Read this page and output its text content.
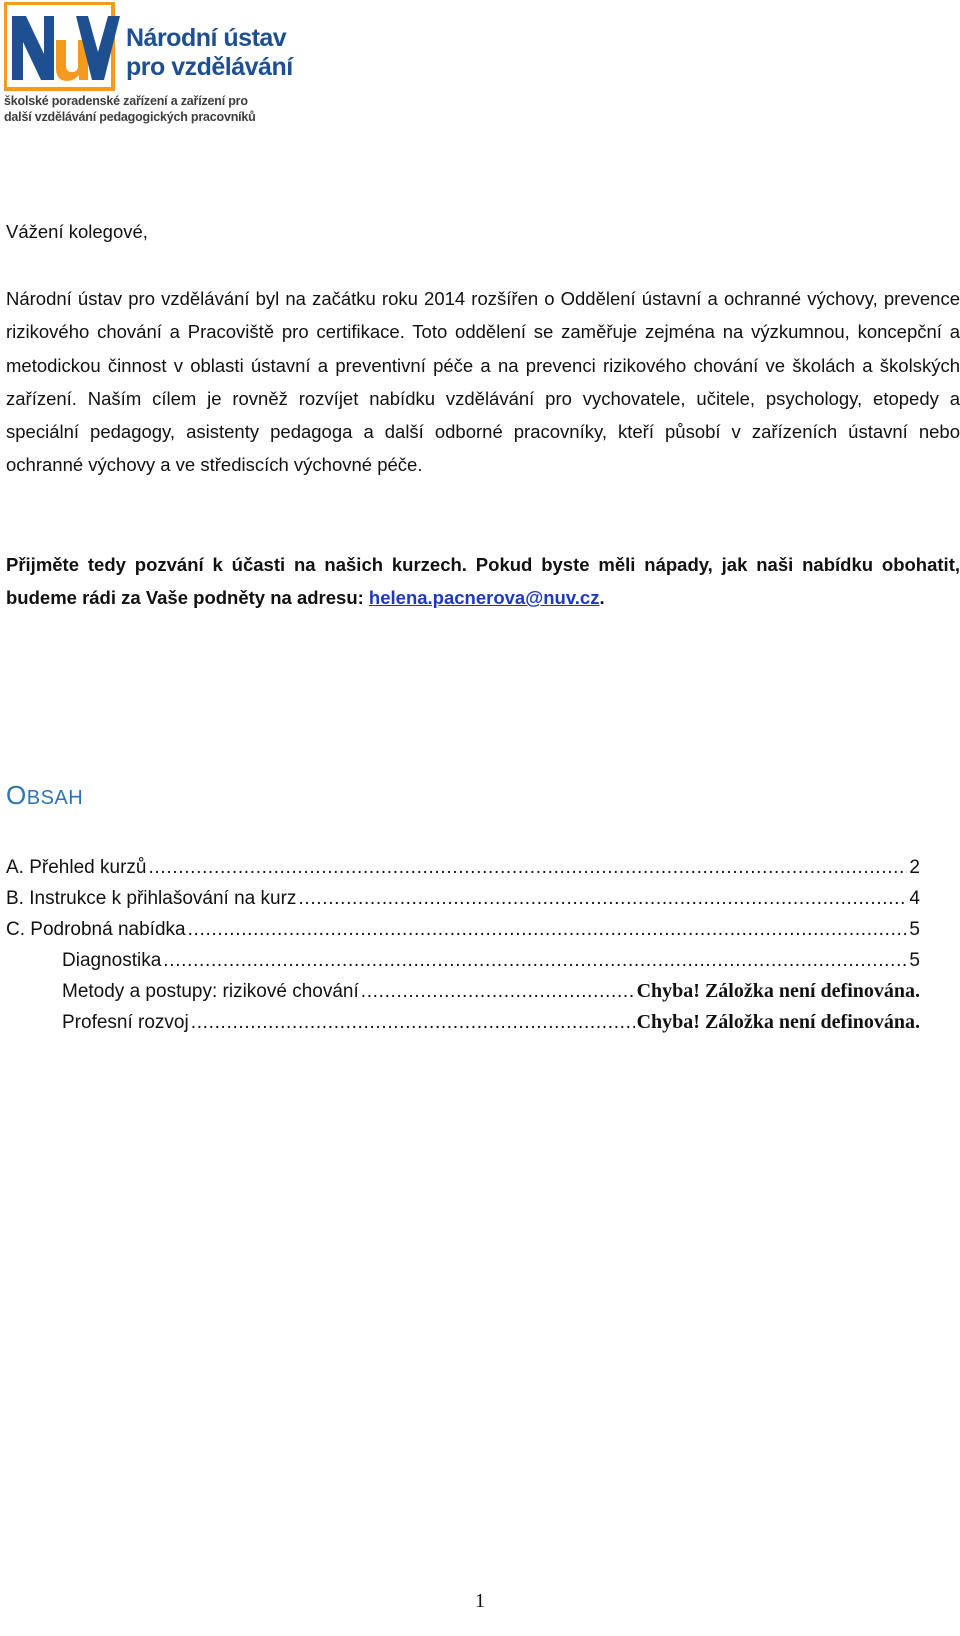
Národní ústav
pro vzdělávání
školské poradenské zařízení a zařízení pro
další vzdělávání pedagogických pracovníků
Vážení kolegové,
Národní ústav pro vzdělávání byl na začátku roku 2014 rozšířen o Oddělení ústavní a ochranné výchovy, prevence rizikového chování a Pracoviště pro certifikace. Toto oddělení se zaměřuje zejména na výzkumnou, koncepční a metodickou činnost v oblasti ústavní a preventivní péče a na prevenci rizikového chování ve školách a školských zařízení. Naším cílem je rovněž rozvíjet nabídku vzdělávání pro vychovatele, učitele, psychology, etopedy a speciální pedagogy, asistenty pedagoga a další odborné pracovníky, kteří působí v zařízeních ústavní nebo ochranné výchovy a ve střediscích výchovné péče.
Přijměte tedy pozvání k účasti na našich kurzech. Pokud byste měli nápady, jak naši nabídku obohatit, budeme rádi za Vaše podněty na adresu: helena.pacnerova@nuv.cz.
OBSAH
A. Přehled kurzů . . .	2
B. Instrukce k přihlašování na kurz . . .	4
C. Podrobná nabídka . . .	5
Diagnostika . . .	5
Metody a postupy: rizikové chování . . .	Chyba! Záložka není definována.
Profesní rozvoj . . .	Chyba! Záložka není definována.
1
